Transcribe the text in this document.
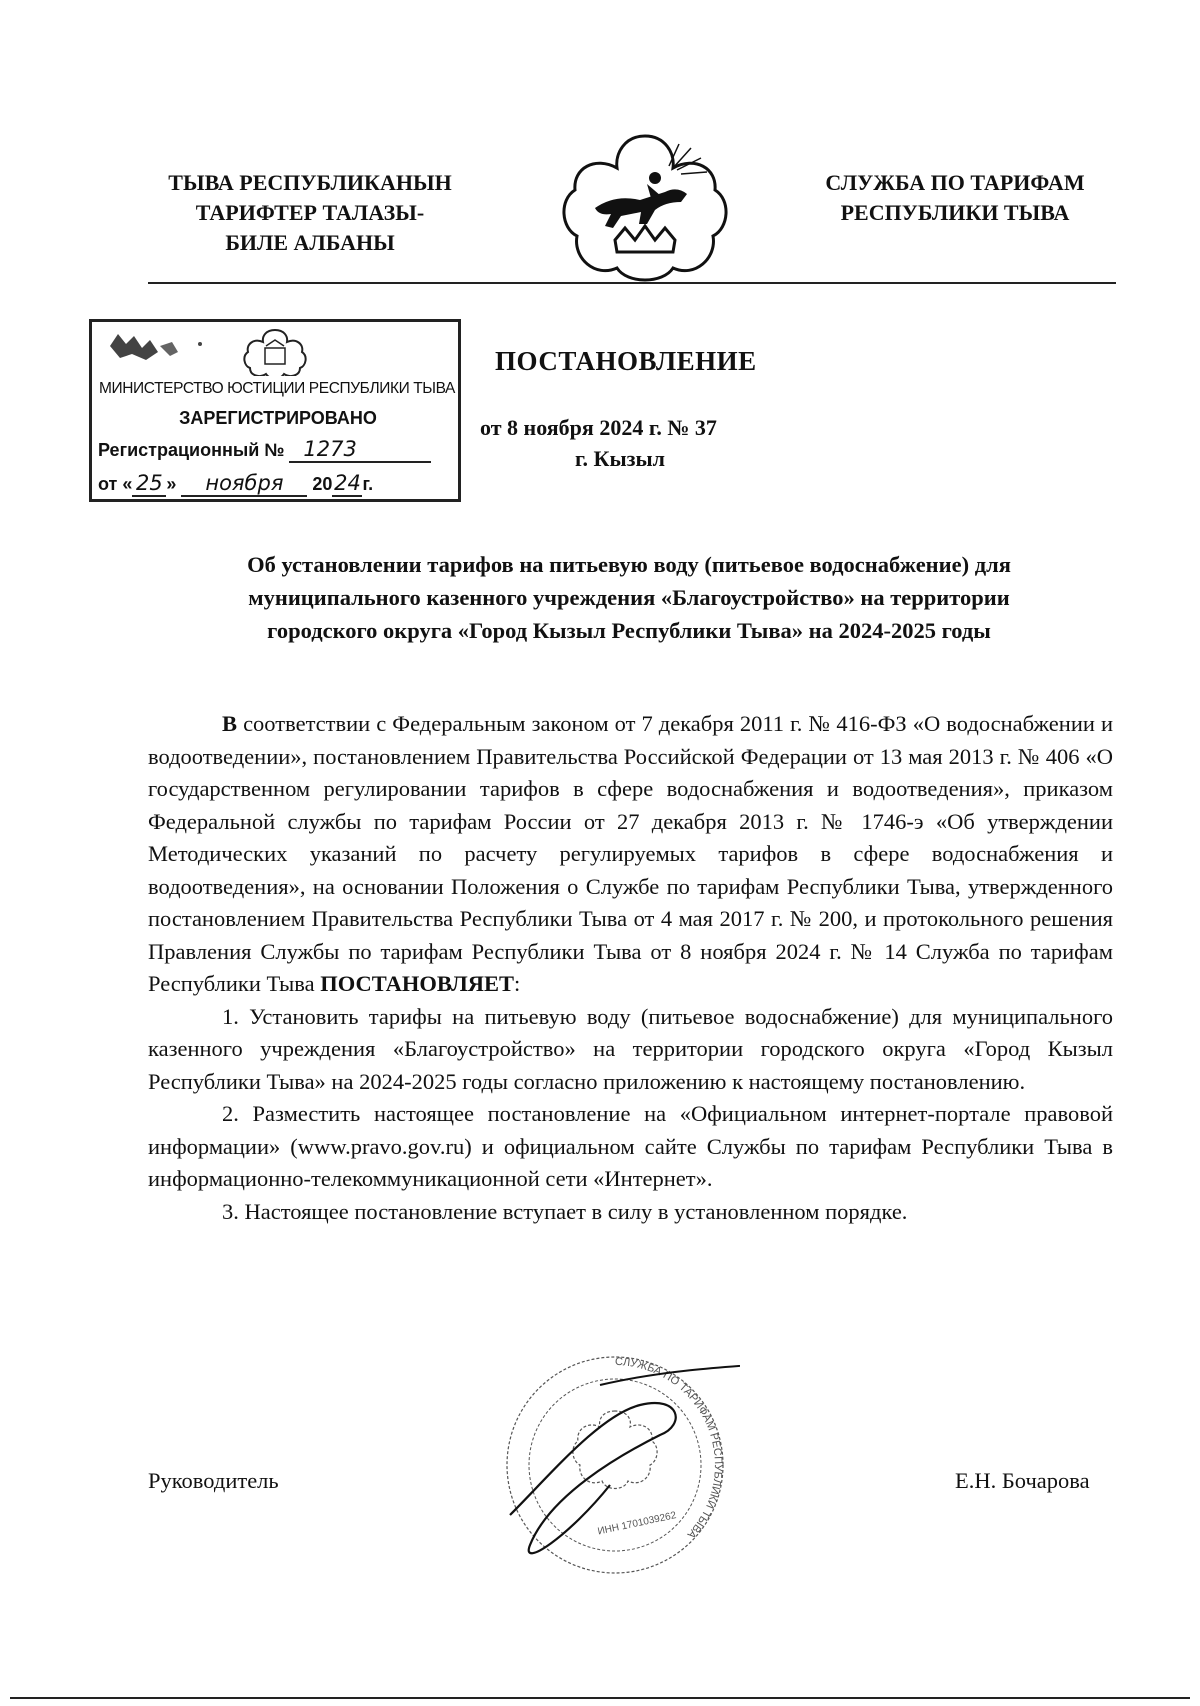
ТЫВА РЕСПУБЛИКАНЫН
ТАРИФТЕР ТАЛАЗЫ-
БИЛЕ АЛБАНЫ
СЛУЖБА ПО ТАРИФАМ
РЕСПУБЛИКИ ТЫВА
МИНИСТЕРСТВО ЮСТИЦИИ РЕСПУБЛИКИ ТЫВА
ЗАРЕГИСТРИРОВАНО
Регистрационный № 1273
от « 25 » ноября 2024г.
ПОСТАНОВЛЕНИЕ
от 8 ноября 2024 г. № 37
г. Кызыл
Об установлении тарифов на питьевую воду (питьевое водоснабжение) для
муниципального казенного учреждения «Благоустройство» на территории
городского округа «Город Кызыл Республики Тыва» на 2024-2025 годы

В соответствии с Федеральным законом от 7 декабря 2011 г. № 416-ФЗ «О водоснабжении и водоотведении», постановлением Правительства Российской Федерации от 13 мая 2013 г. № 406 «О государственном регулировании тарифов в сфере водоснабжения и водоотведения», приказом Федеральной службы по тарифам России от 27 декабря 2013 г. № 1746-э «Об утверждении Методических указаний по расчету регулируемых тарифов в сфере водоснабжения и водоотведения», на основании Положения о Службе по тарифам Республики Тыва, утвержденного постановлением Правительства Республики Тыва от 4 мая 2017 г. № 200, и протокольного решения Правления Службы по тарифам Республики Тыва от 8 ноября 2024 г. № 14 Служба по тарифам Республики Тыва ПОСТАНОВЛЯЕТ:

1. Установить тарифы на питьевую воду (питьевое водоснабжение) для муниципального казенного учреждения «Благоустройство» на территории городского округа «Город Кызыл Республики Тыва» на 2024-2025 годы согласно приложению к настоящему постановлению.

2. Разместить настоящее постановление на «Официальном интернет-портале правовой информации» (www.pravo.gov.ru) и официальном сайте Службы по тарифам Республики Тыва в информационно-телекоммуникационной сети «Интернет».

3. Настоящее постановление вступает в силу в установленном порядке.

Руководитель
СЛУЖБА ПО ТАРИФАМ РЕСПУБЛИКИ ТЫВА
ИНН 1701039262
Е.Н. Бочарова
